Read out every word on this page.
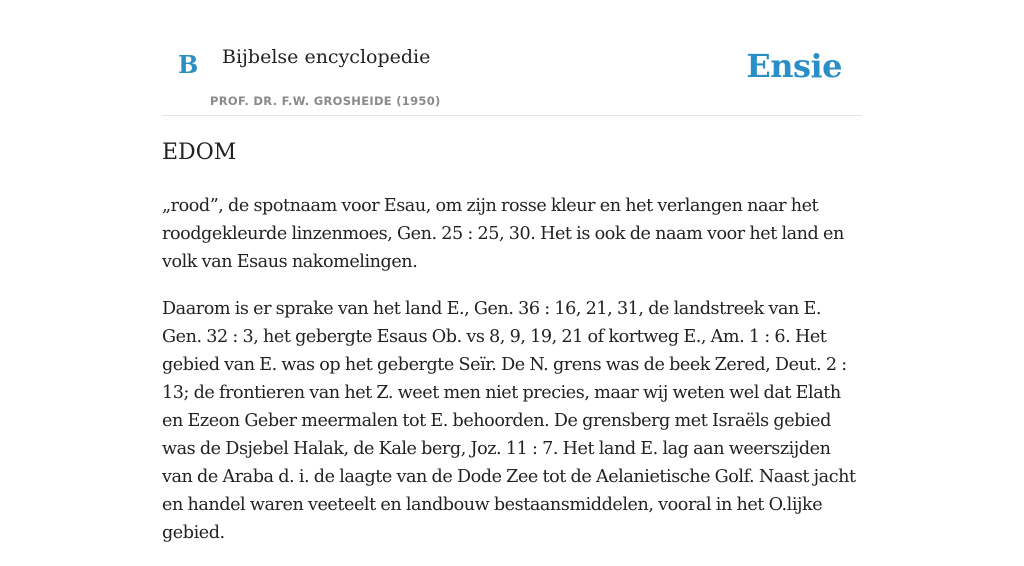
B Bijbelse encyclopedie
PROF. DR. F.W. GROSHEIDE (1950)
Ensie
EDOM

„rood”, de spotnaam voor Esau, om zijn rosse kleur en het verlangen naar het roodgekleurde linzenmoes, Gen. 25 : 25, 30. Het is ook de naam voor het land en volk van Esaus nakomelingen.

Daarom is er sprake van het land E., Gen. 36 : 16, 21, 31, de landstreek van E. Gen. 32 : 3, het gebergte Esaus Ob. vs 8, 9, 19, 21 of kortweg E., Am. 1 : 6. Het gebied van E. was op het gebergte Seïr. De N. grens was de beek Zered, Deut. 2 : 13; de frontieren van het Z. weet men niet precies, maar wij weten wel dat Elath en Ezeon Geber meermalen tot E. behoorden. De grensberg met Israëls gebied was de Dsjebel Halak, de Kale berg, Joz. 11 : 7. Het land E. lag aan weerszijden van de Araba d. i. de laagte van de Dode Zee tot de Aelanietische Golf. Naast jacht en handel waren veeteelt en landbouw bestaansmiddelen, vooral in het O.lijke gebied.
